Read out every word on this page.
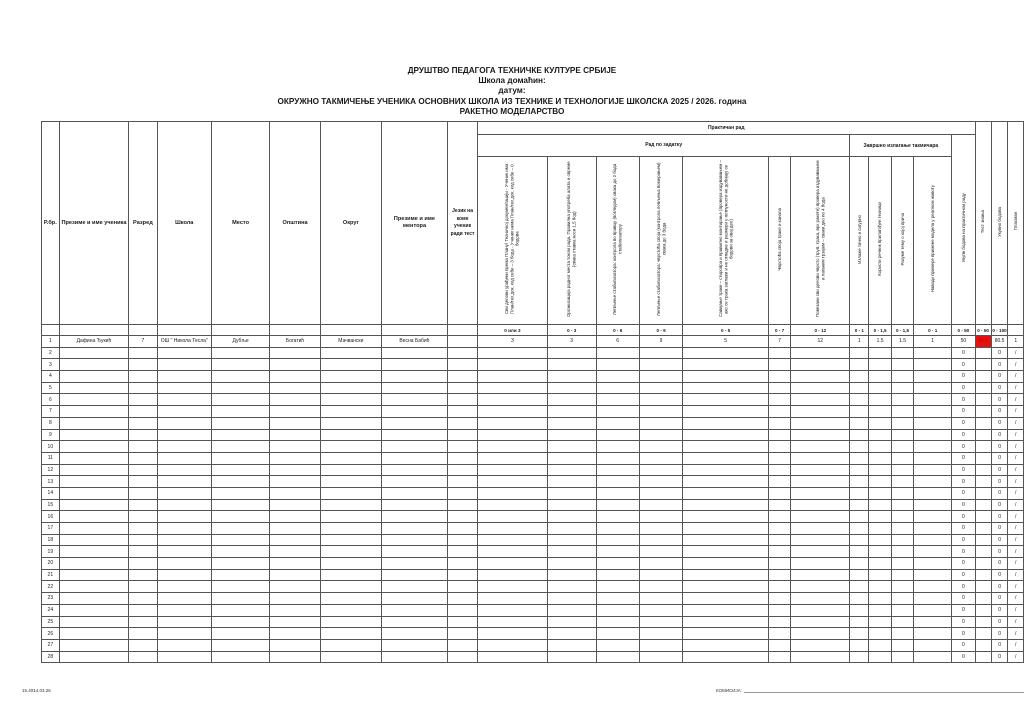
ДРУШТВО ПЕДАГОГА ТЕХНИЧКЕ КУЛТУРЕ СРБИЈЕ
Школа домаћин:
датум:
ОКРУЖНО ТАКМИЧЕЊЕ УЧЕНИКА ОСНОВНИХ ШКОЛА ИЗ ТЕХНИКЕ И ТЕХНОЛОГИЈЕ ШКОЛСКА 2025 / 2026. година
РАКЕТНО МОДЕЛАРСТВО
Р.бр.	Презиме и име ученика	Разред	Школа	Место	Општина	Округ	Презиме и име ментора	Језик на коме ученик ради тест	Практичан рад												Тест знања	Укупно бодова	Пласман
									Рад по задатку							Завршно излагање такмичара				Укупн бодова на практичном раду			
									Сви делови урађени према Плану/ Техничкој документацији - Ученик има План/тех.док. код себе – 3 бода - Ученик нема План/тех.док. код себе – 0 бодова	Организација радног места током рада. Правилна употреба алата и опреме (свака ставка носи 1,5 бод)	Лепљење стабилизатора: контрола по правцу (погледом) свака до 2 бода стабилизатору	Лепљење стабилизатора: чврстоћа споја (контрола лепљења померањем) свака до 3 бода	Савијање траке – стиропра и правилно монтирање (провера издувавањем – ако се трака заглави и не отпадне и размери у потпуности не добијају се бодови за овај део)	Чврстоћа споја траке и канала	Повезани сви делови чврсто (труп, трака, врх ракете) провера издувавањем и лаганим трзајем – сваки део по 4 бода	Излаже тачно и сигурно	Користи речник прилагођен техници	Разуме тему о којој прича	Наводи примере примене модела у реалном животу				
									0 или 3	0 - 3	0 - 6	0 - 9	0 - 5	0 - 7	0 - 12	0 - 1	0 - 1,5	0 - 1,5	0 - 1	0 - 50	0 - 50	0 - 100	
1	Дафина Ђукић	7	ОШ " Никола Тесла"	Дубље	Богатић	Мачвански	Весна Бабић		3	3	6	9	5	7	12	1	1.5	1.5	1	50	30.5	80.5	1
2																				0		0	/
3																				0		0	/
4																				0		0	/
5																				0		0	/
6																				0		0	/
7																				0		0	/
8																				0		0	/
9																				0		0	/
10																				0		0	/
11																				0		0	/
12																				0		0	/
13																				0		0	/
14																				0		0	/
15																				0		0	/
16																				0		0	/
17																				0		0	/
18																				0		0	/
19																				0		0	/
20																				0		0	/
21																				0		0	/
22																				0		0	/
23																				0		0	/
24																				0		0	/
25																				0		0	/
26																				0		0	/
27																				0		0	/
28																				0		0	/
15.4014.03.26	КОМИСИЈА:
